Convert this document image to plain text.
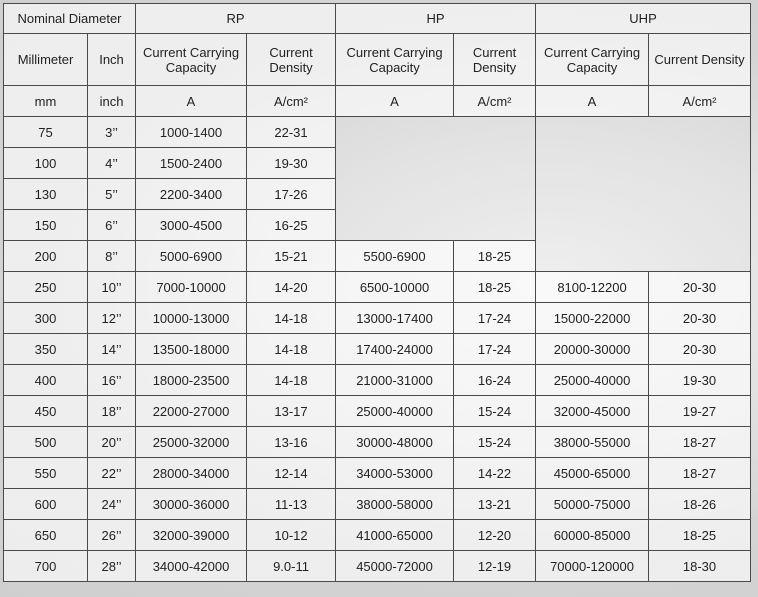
Nominal Diameter		RP		HP		UHP	
Millimeter	Inch	Current Carrying Capacity	Current Density	Current Carrying Capacity	Current Density	Current Carrying Capacity	Current Density
mm	inch	A	A/cm²	A	A/cm²	A	A/cm²
75	3’’	1000-1400	22-31				
100	4’’	1500-2400	19-30				
130	5’’	2200-3400	17-26				
150	6’’	3000-4500	16-25				
200	8’’	5000-6900	15-21	5500-6900	18-25		
250	10’’	7000-10000	14-20	6500-10000	18-25	8100-12200	20-30
300	12’’	10000-13000	14-18	13000-17400	17-24	15000-22000	20-30
350	14’’	13500-18000	14-18	17400-24000	17-24	20000-30000	20-30
400	16’’	18000-23500	14-18	21000-31000	16-24	25000-40000	19-30
450	18’’	22000-27000	13-17	25000-40000	15-24	32000-45000	19-27
500	20’’	25000-32000	13-16	30000-48000	15-24	38000-55000	18-27
550	22’’	28000-34000	12-14	34000-53000	14-22	45000-65000	18-27
600	24’’	30000-36000	11-13	38000-58000	13-21	50000-75000	18-26
650	26’’	32000-39000	10-12	41000-65000	12-20	60000-85000	18-25
700	28’’	34000-42000	9.0-11	45000-72000	12-19	70000-120000	18-30
